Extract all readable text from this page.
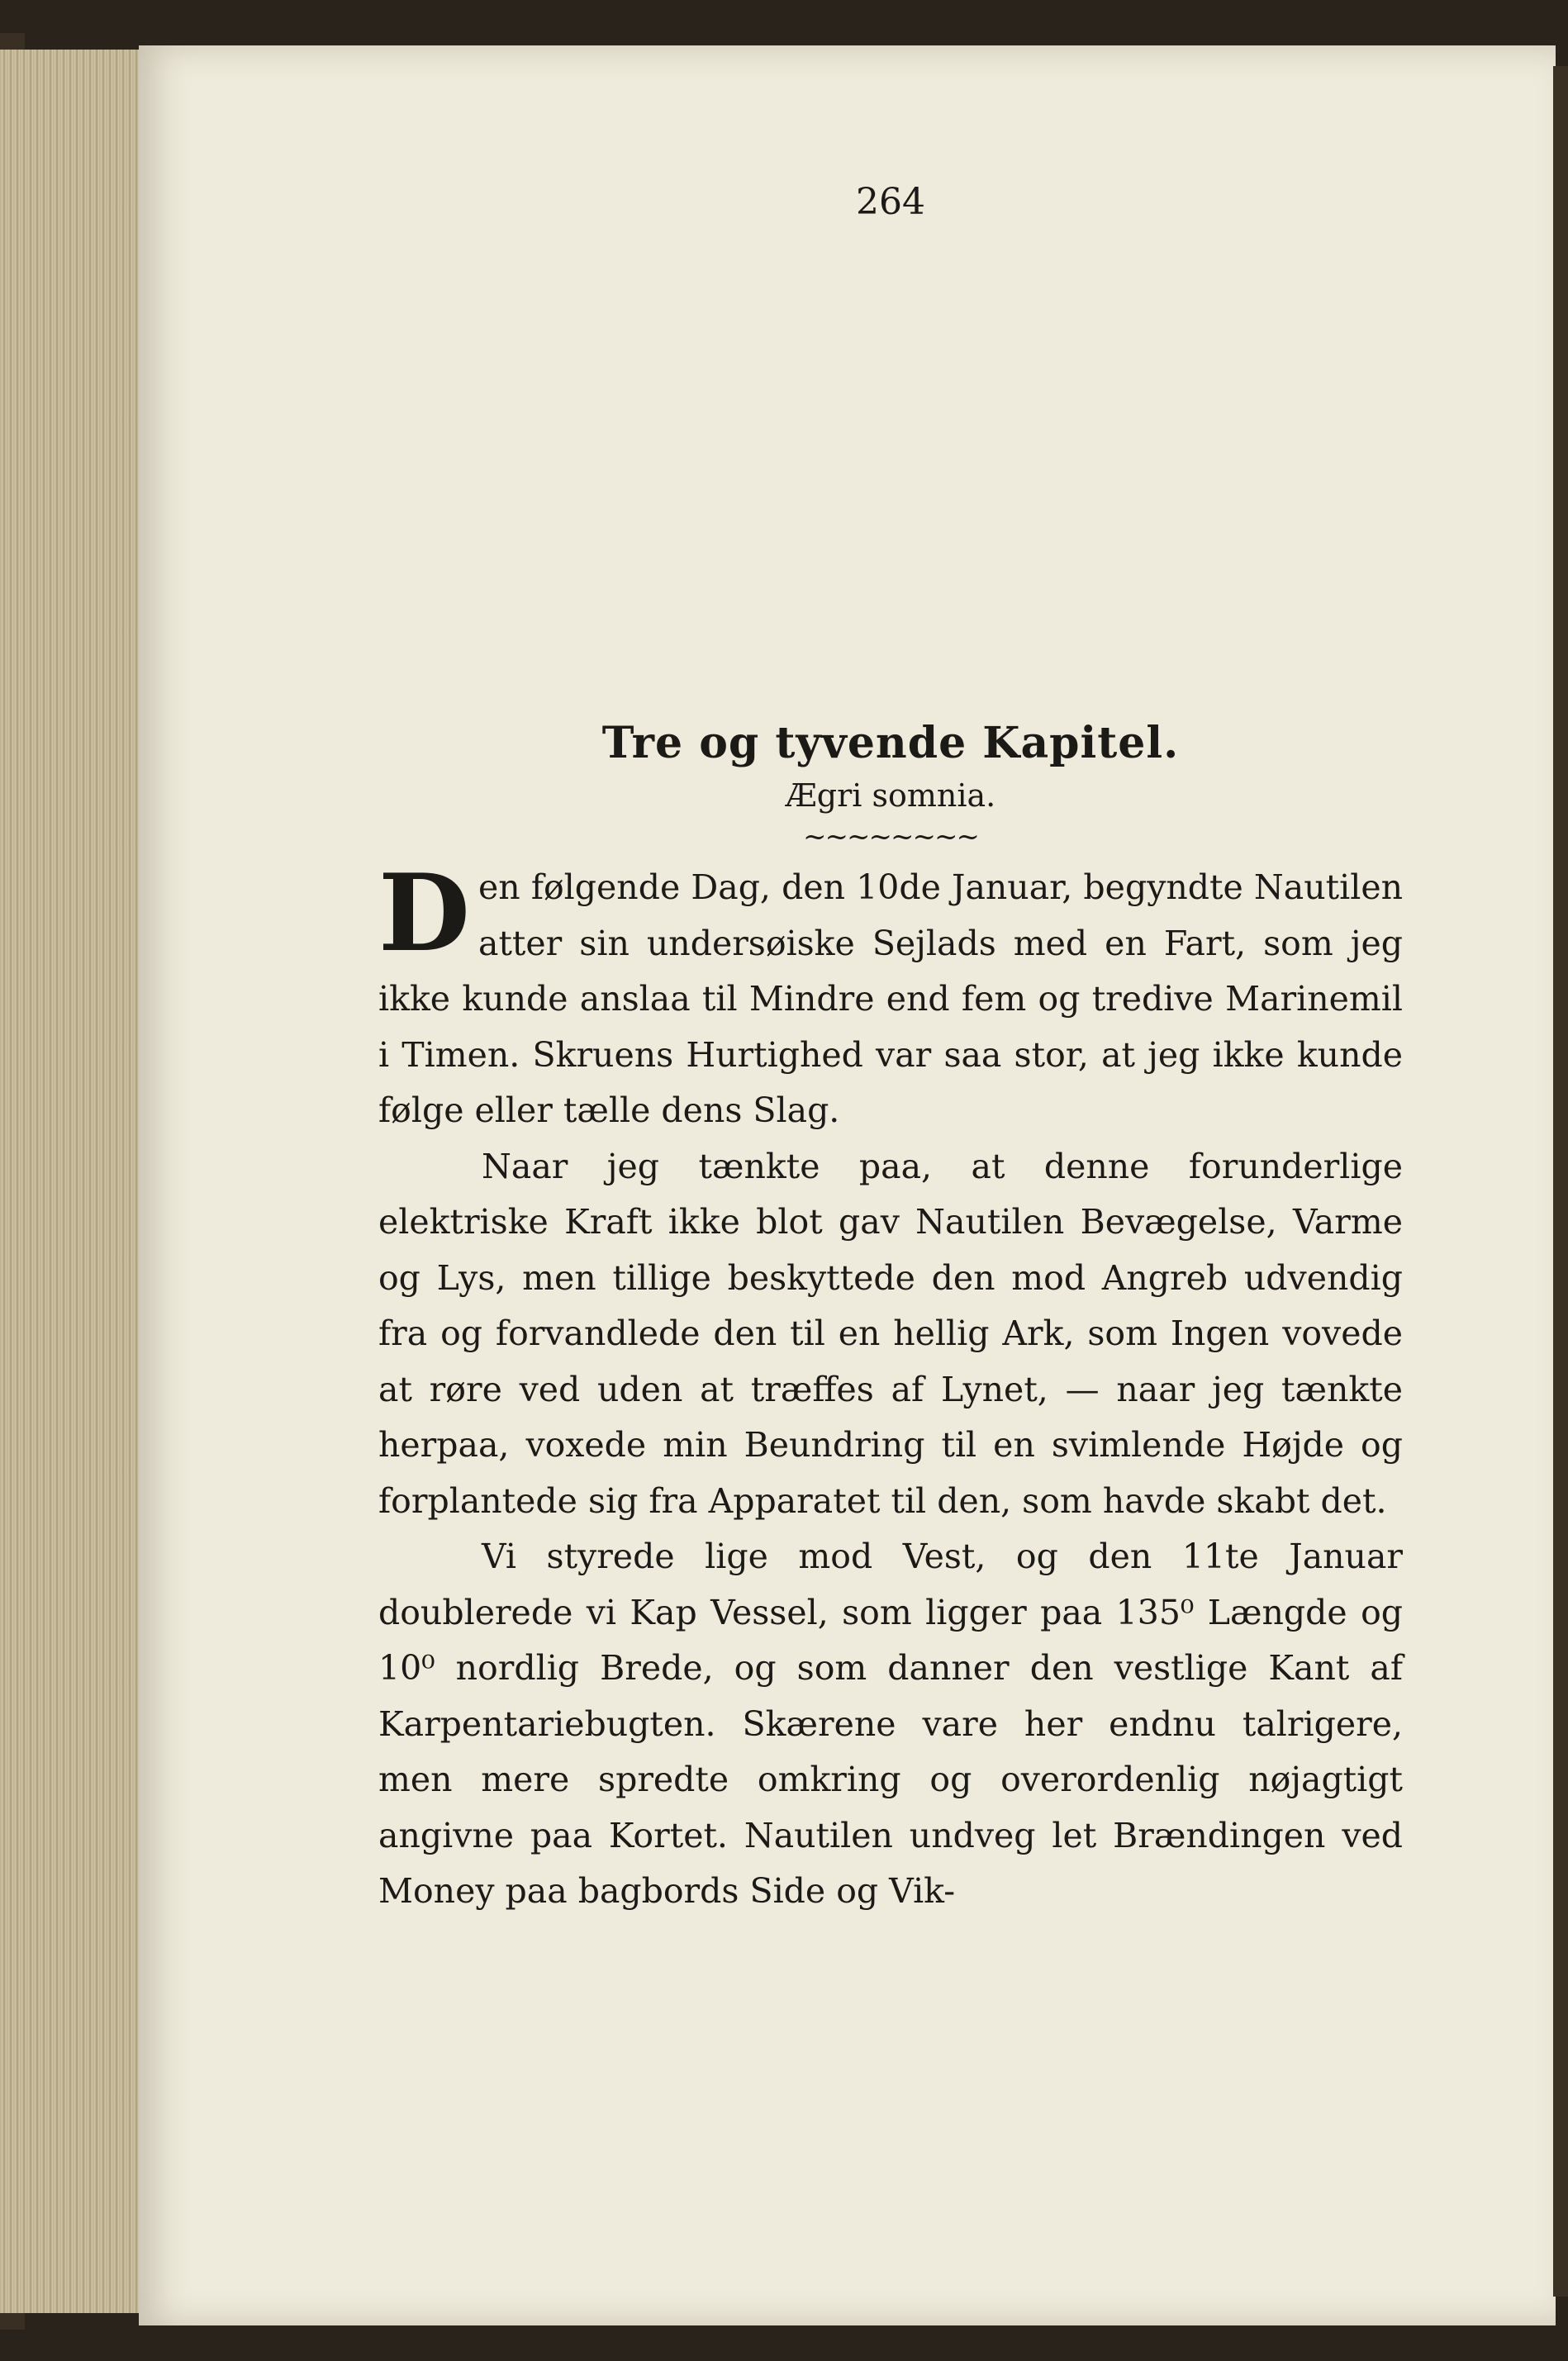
264
Tre og tyvende Kapitel.
Ægri somnia.
~~~~~~~~

Den følgende Dag, den 10de Januar, begyndte Nautilen atter sin undersøiske Sejlads med en Fart, som jeg ikke kunde anslaa til Mindre end fem og tredive Marinemil i Timen. Skruens Hurtighed var saa stor, at jeg ikke kunde følge eller tælle dens Slag.

Naar jeg tænkte paa, at denne forunderlige elektriske Kraft ikke blot gav Nautilen Bevægelse, Varme og Lys, men tillige beskyttede den mod Angreb udvendig fra og forvandlede den til en hellig Ark, som Ingen vovede at røre ved uden at træffes af Lynet, — naar jeg tænkte herpaa, voxede min Beundring til en svimlende Højde og forplantede sig fra Apparatet til den, som havde skabt det.

Vi styrede lige mod Vest, og den 11te Januar doublerede vi Kap Vessel, som ligger paa 135⁰ Længde og 10⁰ nordlig Brede, og som danner den vestlige Kant af Karpentariebugten. Skærene vare her endnu talrigere, men mere spredte omkring og overordenlig nøjagtigt angivne paa Kortet. Nautilen undveg let Brændingen ved Money paa bagbords Side og Vik-
